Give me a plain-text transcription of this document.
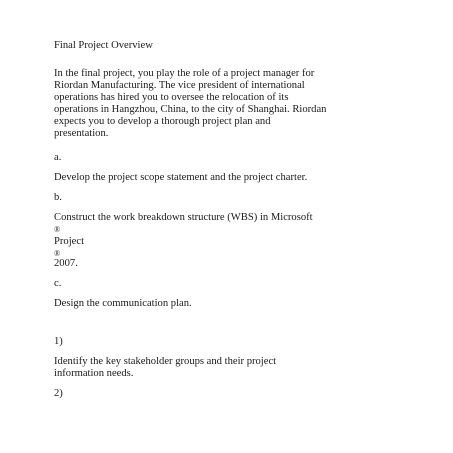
Final Project Overview
In the final project, you play the role of a project manager for
Riordan Manufacturing. The vice president of international
operations has hired you to oversee the relocation of its
operations in Hangzhou, China, to the city of Shanghai. Riordan
expects you to develop a thorough project plan and
presentation.
a.
Develop the project scope statement and the project charter.
b.
Construct the work breakdown structure (WBS) in Microsoft
®
Project
®
2007.
c.
Design the communication plan.
1)
Identify the key stakeholder groups and their project
information needs.
2)
